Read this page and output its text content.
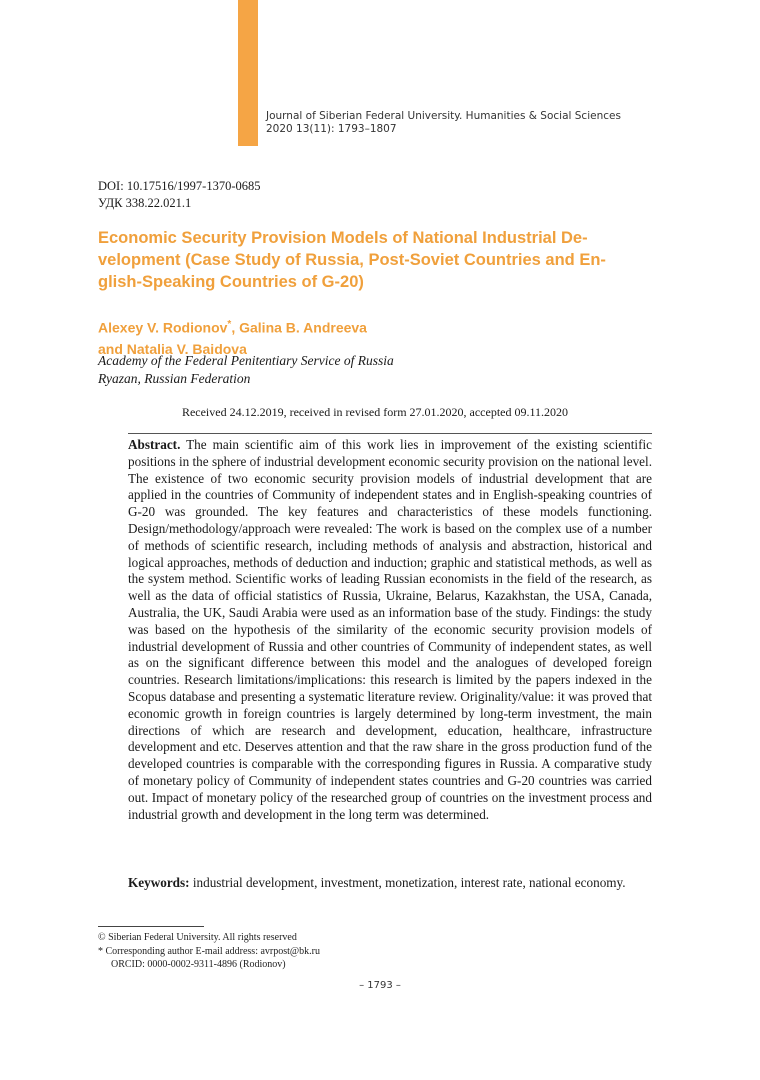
Journal of Siberian Federal University. Humanities & Social Sciences
2020 13(11): 1793–1807
DOI: 10.17516/1997-1370-0685
УДК 338.22.021.1
Economic Security Provision Models of National Industrial De-
velopment (Case Study of Russia, Post-Soviet Countries and En-
glish-Speaking Countries of G-20)
Alexey V. Rodionov*, Galina B. Andreeva
and Natalia V. Baidova
Academy of the Federal Penitentiary Service of Russia
Ryazan, Russian Federation
Received 24.12.2019, received in revised form 27.01.2020, accepted 09.11.2020
Abstract. The main scientific aim of this work lies in improvement of the existing scientific positions in the sphere of industrial development economic security provision on the national level. The existence of two economic security provision models of industrial development that are applied in the countries of Community of independent states and in English-speaking countries of G-20 was grounded. The key features and characteristics of these models functioning. Design/methodology/approach were revealed: The work is based on the complex use of a number of methods of scientific research, including methods of analysis and abstraction, historical and logical approaches, methods of deduction and induction; graphic and statistical methods, as well as the system method. Scientific works of leading Russian economists in the field of the research, as well as the data of official statistics of Russia, Ukraine, Belarus, Kazakhstan, the USA, Canada, Australia, the UK, Saudi Arabia were used as an information base of the study. Findings: the study was based on the hypothesis of the similarity of the economic security provision models of industrial development of Russia and other countries of Community of independent states, as well as on the significant difference between this model and the analogues of developed foreign countries. Research limitations/implications: this research is limited by the papers indexed in the Scopus database and presenting a systematic literature review. Originality/value: it was proved that economic growth in foreign countries is largely determined by long-term investment, the main directions of which are research and development, education, healthcare, infrastructure development and etc. Deserves attention and that the raw share in the gross production fund of the developed countries is comparable with the corresponding figures in Russia. A comparative study of monetary policy of Community of independent states countries and G-20 countries was carried out. Impact of monetary policy of the researched group of countries on the investment process and industrial growth and development in the long term was determined.
Keywords: industrial development, investment, monetization, interest rate, national economy.
© Siberian Federal University. All rights reserved
* Corresponding author E-mail address: avrpost@bk.ru
ORCID: 0000-0002-9311-4896 (Rodionov)
– 1793 –
